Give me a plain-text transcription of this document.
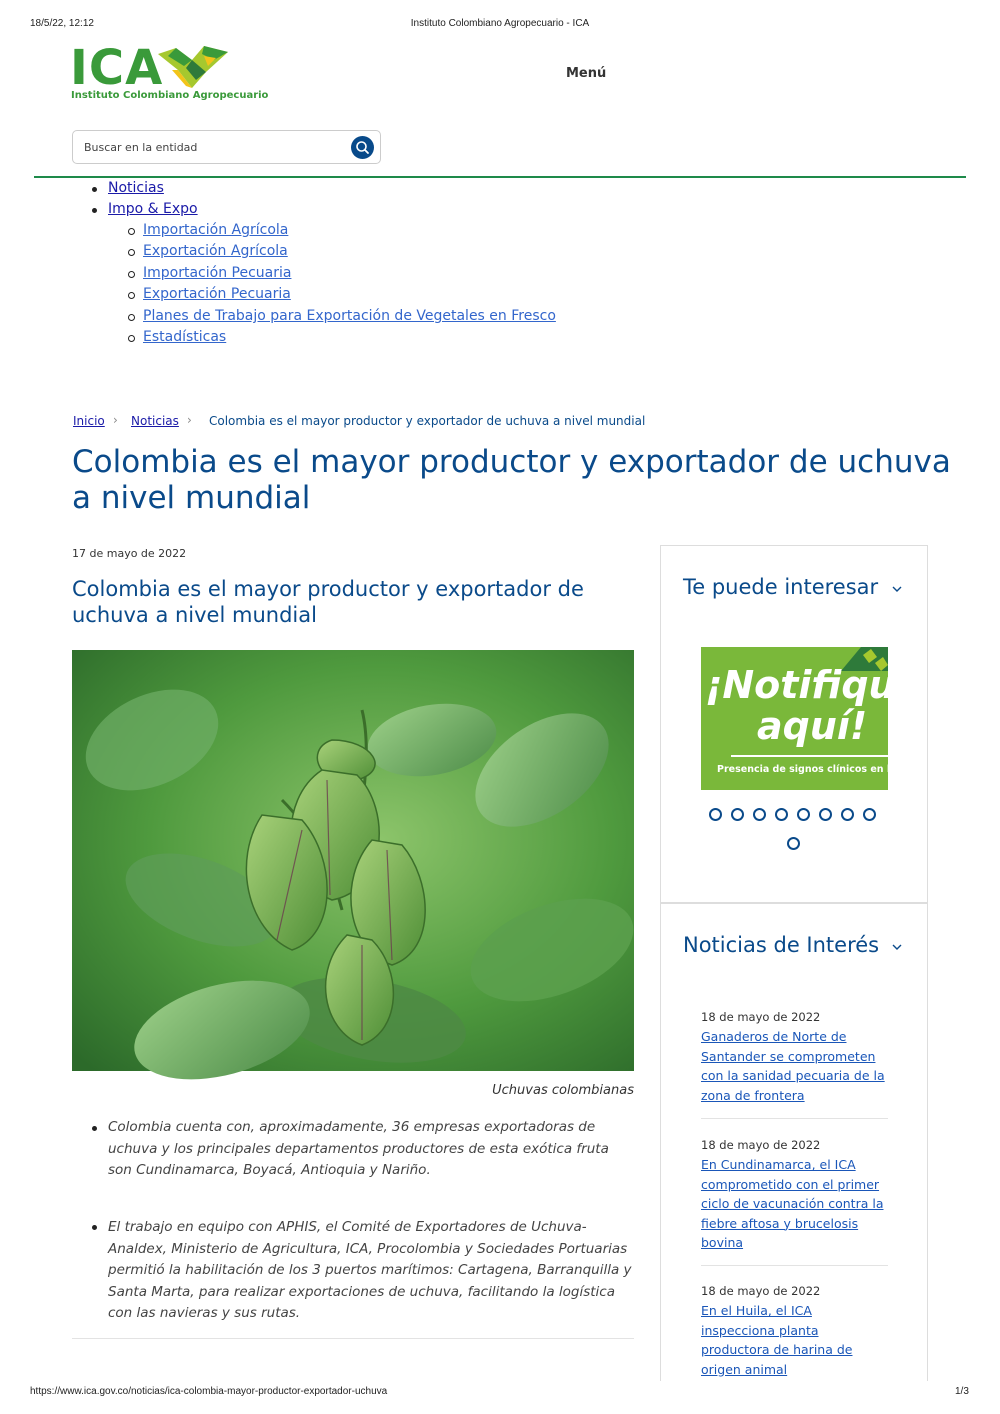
18/5/22, 12:12	Instituto Colombiano Agropecuario - ICA
ICA
Instituto Colombiano Agropecuario
Menú
Buscar en la entidad
Noticias
Impo & Expo
Importación Agrícola
Exportación Agrícola
Importación Pecuaria
Exportación Pecuaria
Planes de Trabajo para Exportación de Vegetales en Fresco
Estadísticas
Inicio › Noticias › Colombia es el mayor productor y exportador de uchuva a nivel mundial
Colombia es el mayor productor y exportador de uchuva a nivel mundial
17 de mayo de 2022
Colombia es el mayor productor y exportador de uchuva a nivel mundial
Uchuvas colombianas
Colombia cuenta con, aproximadamente, 36 empresas exportadoras de uchuva y los principales departamentos productores de esta exótica fruta son Cundinamarca, Boyacá, Antioquia y Nariño.
El trabajo en equipo con APHIS, el Comité de Exportadores de Uchuva-Analdex, Ministerio de Agricultura, ICA, Procolombia y Sociedades Portuarias permitió la habilitación de los 3 puertos marítimos: Cartagena, Barranquilla y Santa Marta, para realizar exportaciones de uchuva, facilitando la logística con las navieras y sus rutas.
Te puede interesar
¡Notifiqu
aquí!
Presencia de signos clínicos en los an
Noticias de Interés
18 de mayo de 2022
Ganaderos de Norte de Santander se comprometen con la sanidad pecuaria de la zona de frontera
18 de mayo de 2022
En Cundinamarca, el ICA comprometido con el primer ciclo de vacunación contra la fiebre aftosa y brucelosis bovina
18 de mayo de 2022
En el Huila, el ICA inspecciona planta productora de harina de origen animal
https://www.ica.gov.co/noticias/ica-colombia-mayor-productor-exportador-uchuva	1/3
